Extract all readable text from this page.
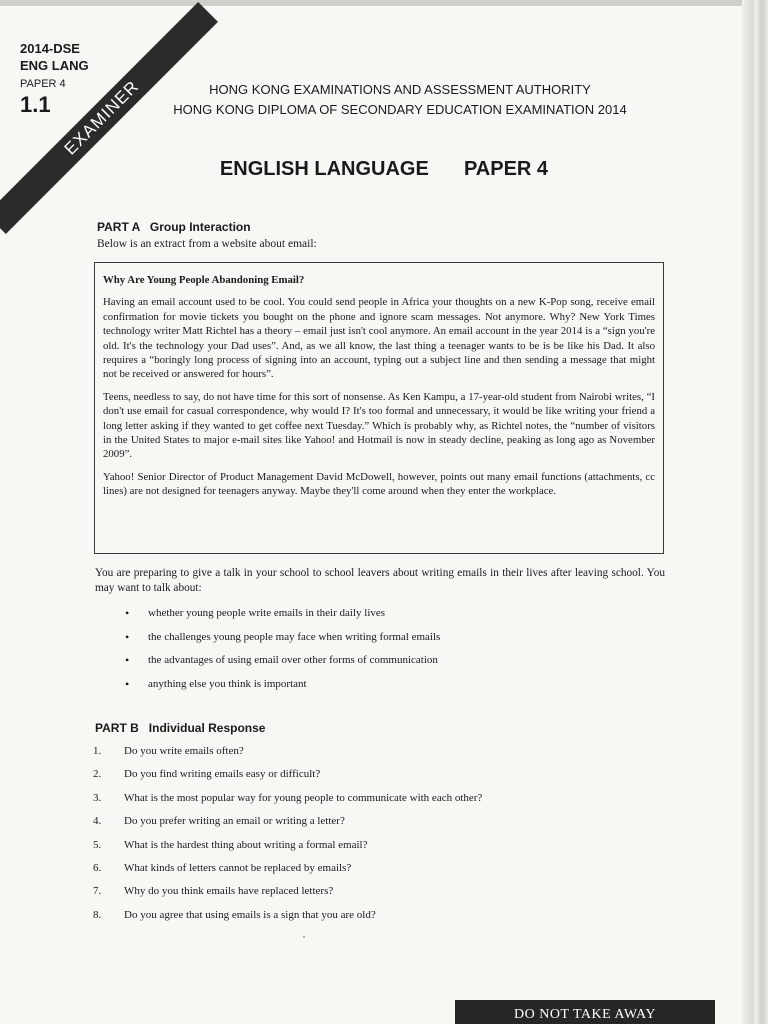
2014-DSE
ENG LANG
PAPER 4
1.1 EXAMINER	HONG KONG EXAMINATIONS AND ASSESSMENT AUTHORITY
HONG KONG DIPLOMA OF SECONDARY EDUCATION EXAMINATION 2014
ENGLISH LANGUAGE PAPER 4
PART A   Group Interaction
Below is an extract from a website about email:
Why Are Young People Abandoning Email?

Having an email account used to be cool. You could send people in Africa your thoughts on a new K-Pop song, receive email confirmation for movie tickets you bought on the phone and ignore scam messages. Not anymore. Why? New York Times technology writer Matt Richtel has a theory – email just isn't cool anymore. An email account in the year 2014 is a “sign you're old. It's the technology your Dad uses”. And, as we all know, the last thing a teenager wants to be is be like his Dad. It also requires a “boringly long process of signing into an account, typing out a subject line and then sending a message that might not be received or answered for hours”.

Teens, needless to say, do not have time for this sort of nonsense. As Ken Kampu, a 17-year-old student from Nairobi writes, “I don't use email for casual correspondence, why would I? It's too formal and unnecessary, it would be like writing your friend a long letter asking if they wanted to get coffee next Tuesday.” Which is probably why, as Richtel notes, the “number of visitors in the United States to major e-mail sites like Yahoo! and Hotmail is now in steady decline, peaking as long ago as November 2009”.

Yahoo! Senior Director of Product Management David McDowell, however, points out many email functions (attachments, cc lines) are not designed for teenagers anyway. Maybe they'll come around when they enter the workplace.

You are preparing to give a talk in your school to school leavers about writing emails in their lives after leaving school. You may want to talk about:
• whether young people write emails in their daily lives
• the challenges young people may face when writing formal emails
• the advantages of using email over other forms of communication
• anything else you think is important
PART B   Individual Response
1. Do you write emails often?
2. Do you find writing emails easy or difficult?
3. What is the most popular way for young people to communicate with each other?
4. Do you prefer writing an email or writing a letter?
5. What is the hardest thing about writing a formal email?
6. What kinds of letters cannot be replaced by emails?
7. Why do you think emails have replaced letters?
8. Do you agree that using emails is a sign that you are old?
DO NOT TAKE AWAY
